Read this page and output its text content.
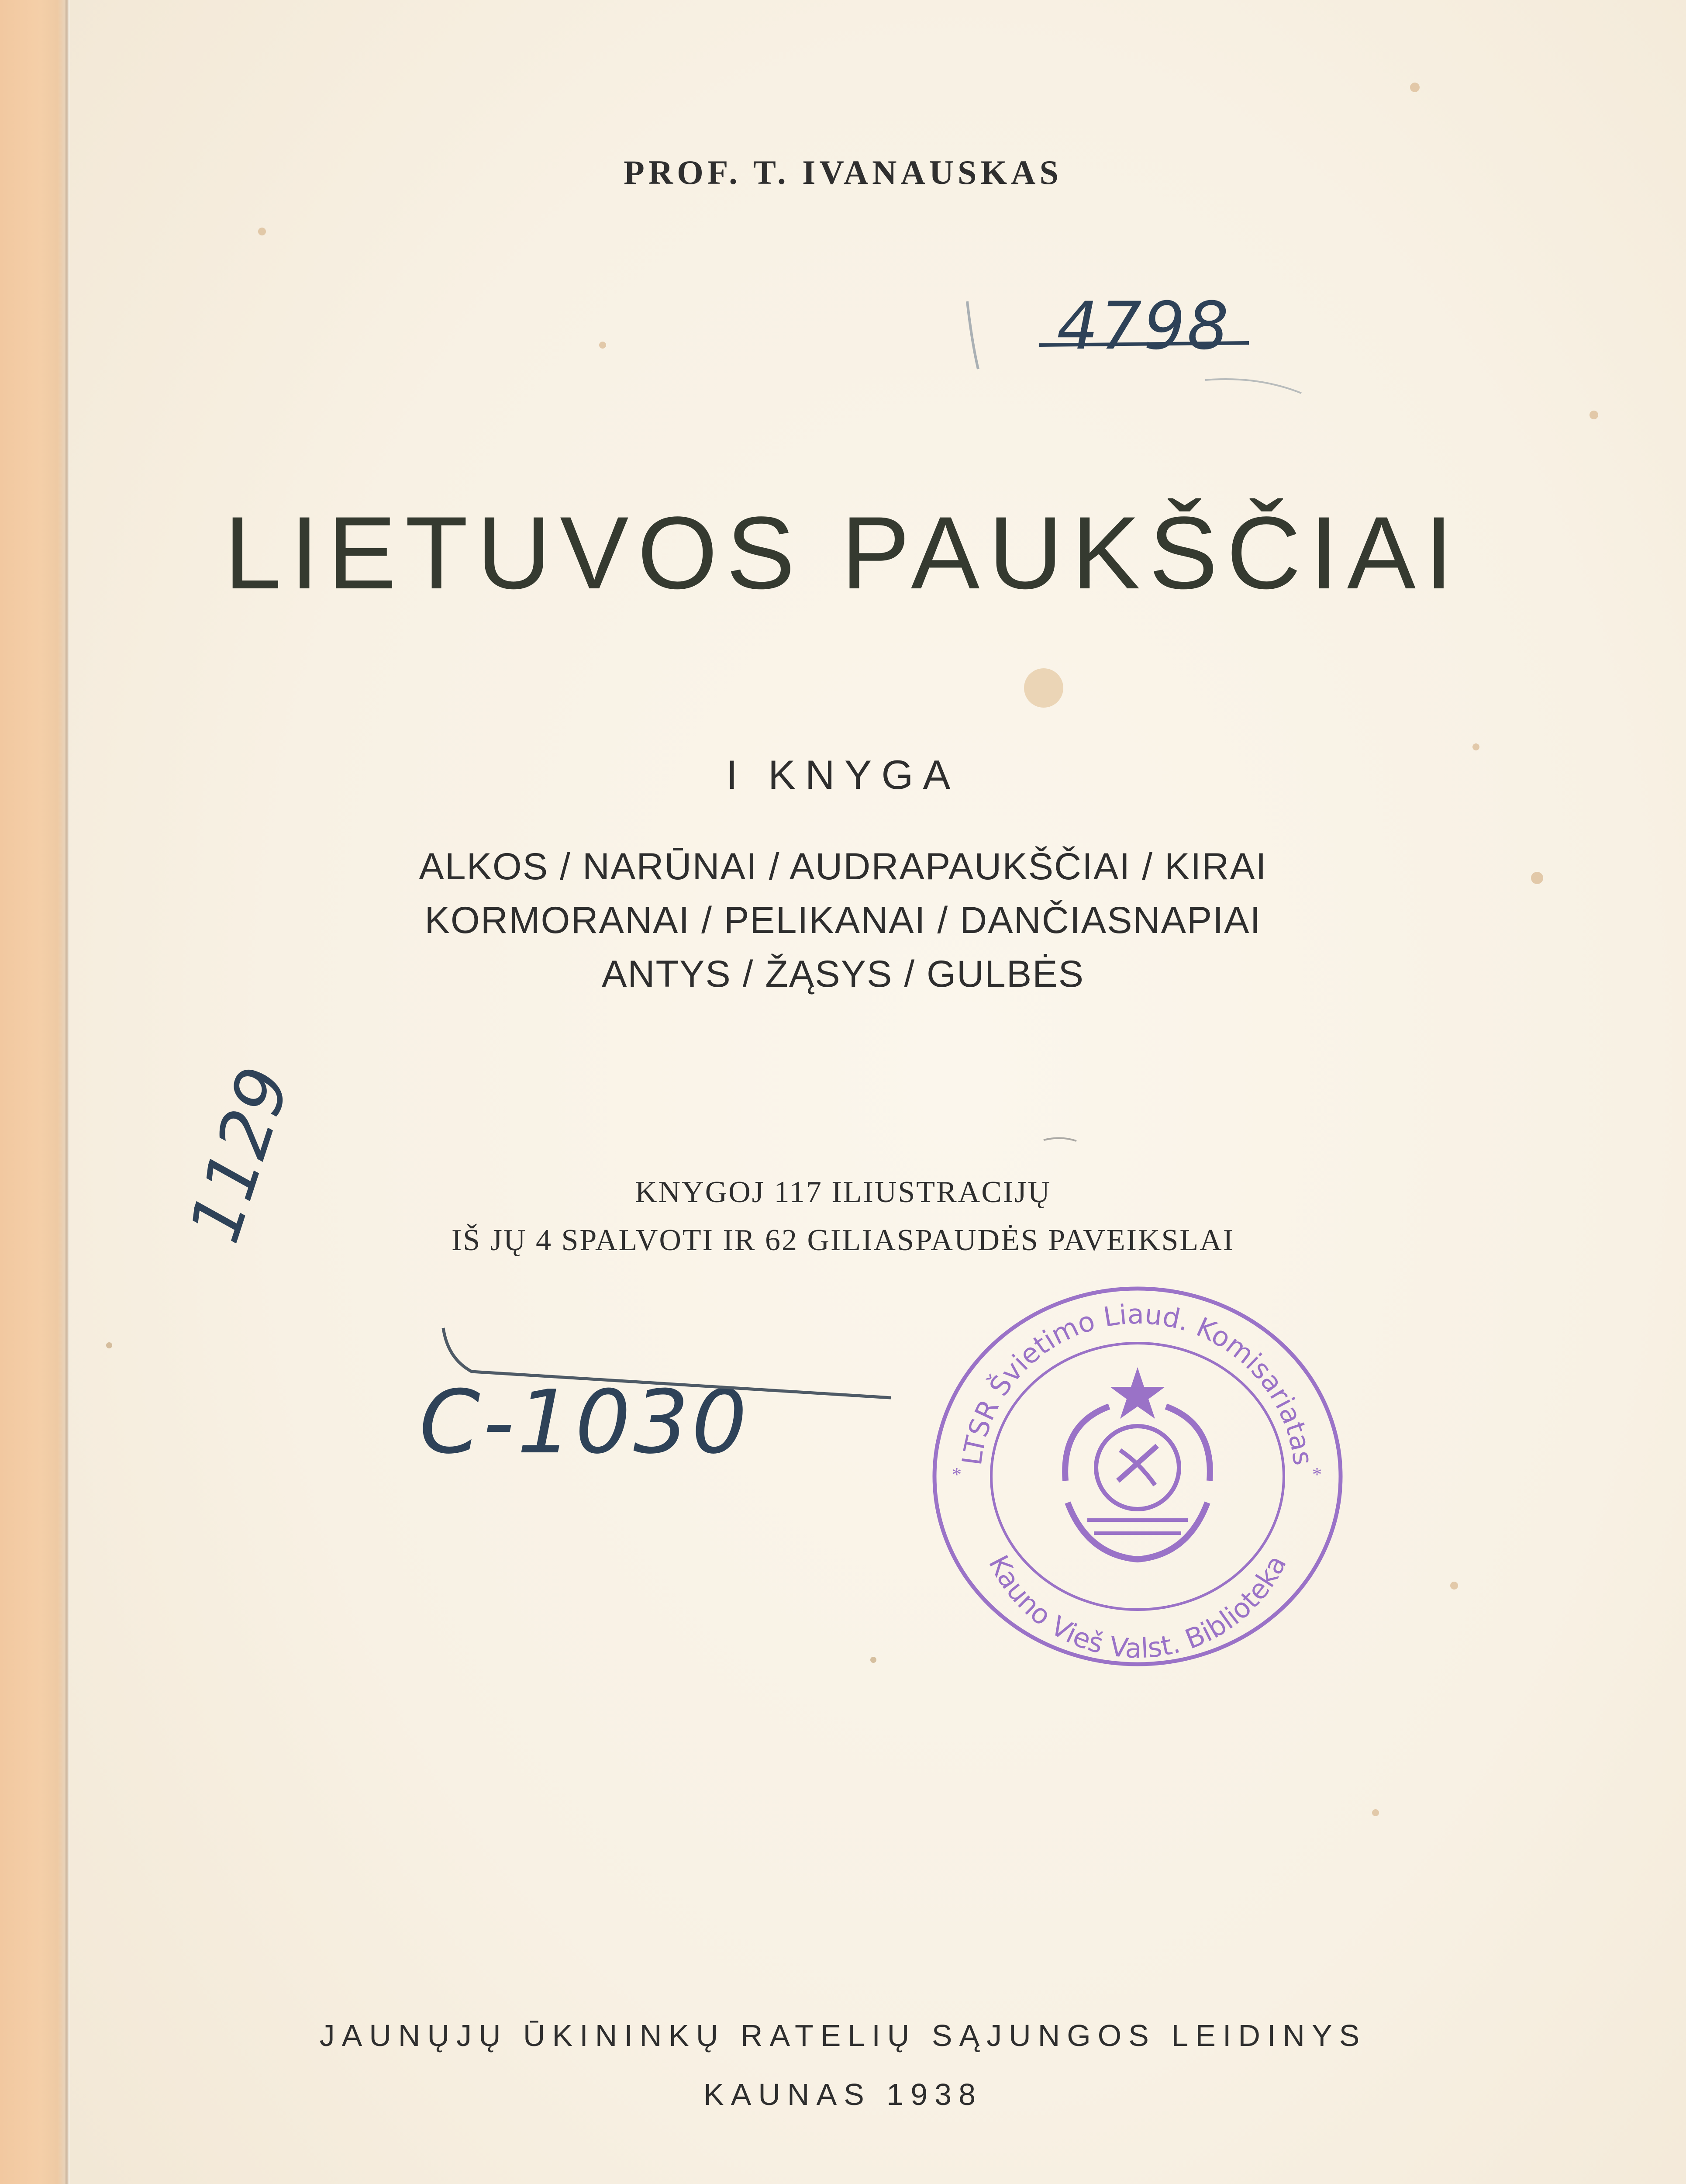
PROF. T. IVANAUSKAS
4798
LIETUVOS PAUKŠČIAI
I KNYGA
ALKOS / NARŪNAI / AUDRAPAUKŠČIAI / KIRAI
KORMORANAI / PELIKANAI / DANČIASNAPIAI
ANTYS / ŽĄSYS / GULBĖS
1129	KNYGOJ 117 ILIUSTRACIJŲ
IŠ JŲ 4 SPALVOTI IR 62 GILIASPAUDĖS PAVEIKSLAI
C-1030	LTSR Švietimo Liaud. Komisariatas
Kauno Vieš Valst. Biblioteka
*	*
JAUNŲJŲ ŪKININKŲ RATELIŲ SĄJUNGOS LEIDINYS
KAUNAS 1938
